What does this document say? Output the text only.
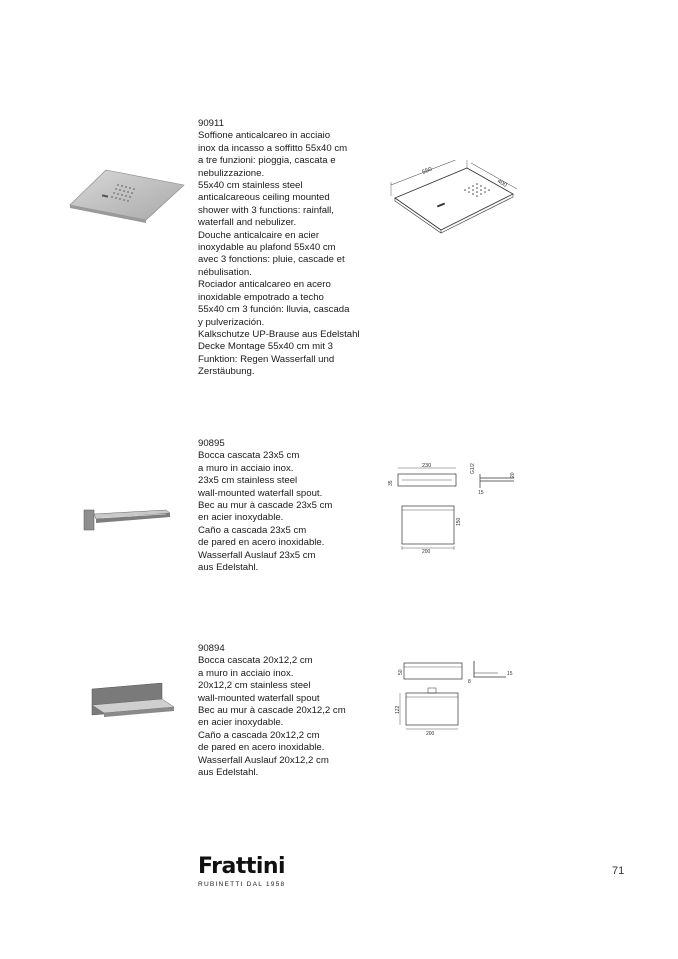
90911
Soffione anticalcareo in acciaio
inox da incasso a soffitto 55x40 cm
a tre funzioni: pioggia, cascata e
nebulizzazione.
55x40 cm stainless steel
anticalcareous ceiling mounted
shower with 3 functions: rainfall,
waterfall and nebulizer.
Douche anticalcaire en acier
inoxydable au plafond 55x40 cm
avec 3 fonctions: pluie, cascade et
nébulisation.
Rociador anticalcareo en acero
inoxidable empotrado a techo
55x40 cm 3 función: lluvia, cascada
y pulverización.
Kalkschutze UP-Brause aus Edelstahl
Decke Montage 55x40 cm mit 3
Funktion: Regen Wasserfall und
Zerstäubung.
550
400
90895
Bocca cascata 23x5 cm
a muro in acciaio inox.
23x5 cm stainless steel
wall-mounted waterfall spout.
Bec au mur à cascade 23x5 cm
en acier inoxydable.
Caño a cascada 23x5 cm
de pared en acero inoxidable.
Wasserfall Auslauf 23x5 cm
aus Edelstahl.
230
35
G1/2
20
15
200
150
90894
Bocca cascata 20x12,2 cm
a muro in acciaio inox.
20x12,2 cm stainless steel
wall-mounted waterfall spout
Bec au mur à cascade 20x12,2 cm
en acier inoxydable.
Caño a cascada 20x12,2 cm
de pared en acero inoxidable.
Wasserfall Auslauf 20x12,2 cm
aus Edelstahl.
50
8
15
200
122
Frattini
RUBINETTI DAL 1958
71
